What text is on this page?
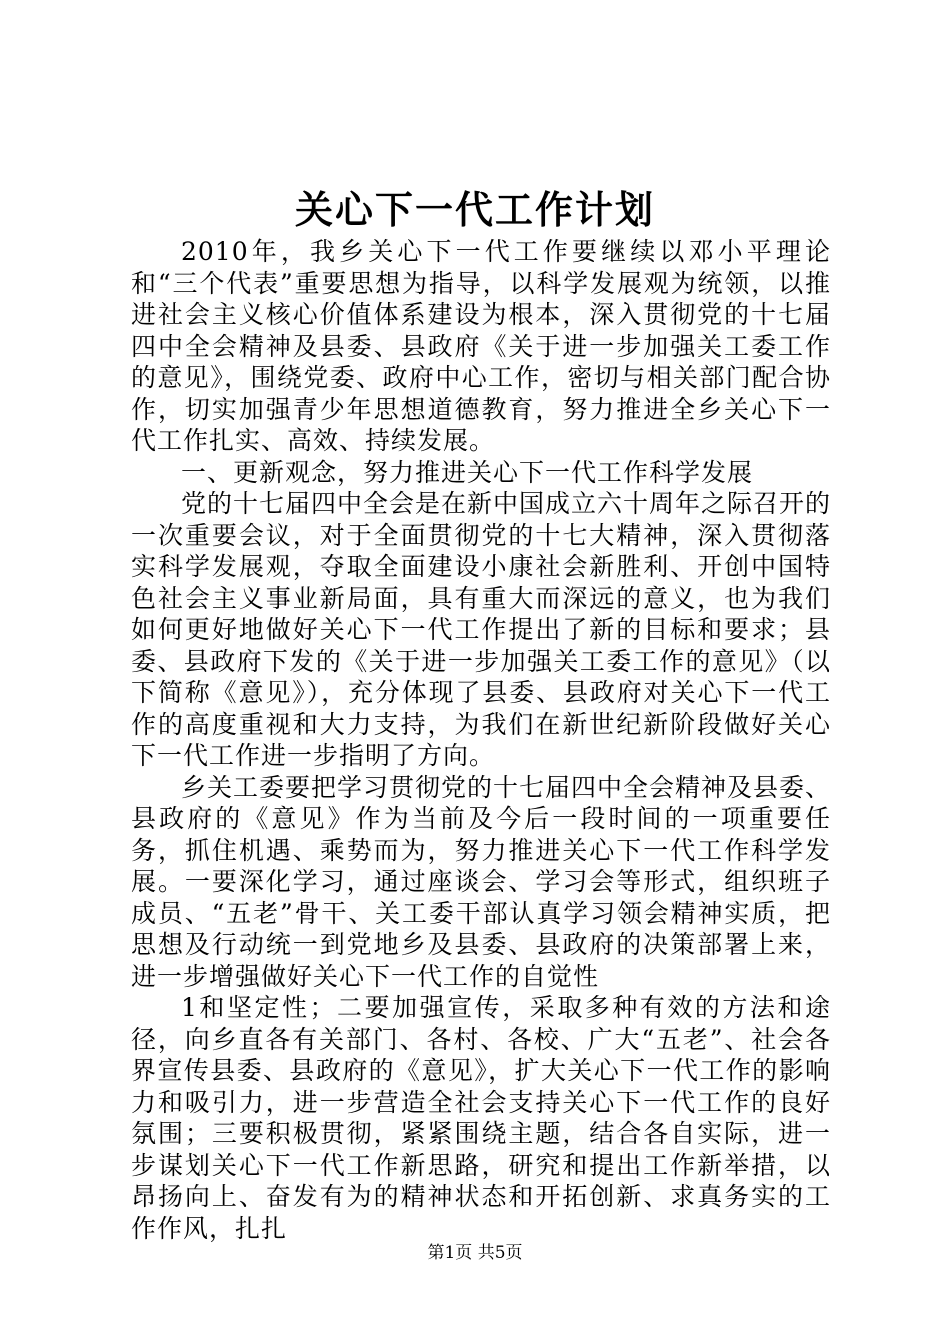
关心下一代工作计划

2010年，我乡关心下一代工作要继续以邓小平理论和“三个代表”重要思想为指导，以科学发展观为统领，以推进社会主义核心价值体系建设为根本，深入贯彻党的十七届四中全会精神及县委、县政府《关于进一步加强关工委工作的意见》，围绕党委、政府中心工作，密切与相关部门配合协作，切实加强青少年思想道德教育，努力推进全乡关心下一代工作扎实、高效、持续发展。

一、更新观念，努力推进关心下一代工作科学发展

党的十七届四中全会是在新中国成立六十周年之际召开的一次重要会议，对于全面贯彻党的十七大精神，深入贯彻落实科学发展观，夺取全面建设小康社会新胜利、开创中国特色社会主义事业新局面，具有重大而深远的意义，也为我们如何更好地做好关心下一代工作提出了新的目标和要求；县委、县政府下发的《关于进一步加强关工委工作的意见》（以下简称《意见》），充分体现了县委、县政府对关心下一代工作的高度重视和大力支持，为我们在新世纪新阶段做好关心下一代工作进一步指明了方向。

乡关工委要把学习贯彻党的十七届四中全会精神及县委、县政府的《意见》作为当前及今后一段时间的一项重要任务，抓住机遇、乘势而为，努力推进关心下一代工作科学发展。一要深化学习，通过座谈会、学习会等形式，组织班子成员、“五老”骨干、关工委干部认真学习领会精神实质，把思想及行动统一到党地乡及县委、县政府的决策部署上来，进一步增强做好关心下一代工作的自觉性

1和坚定性；二要加强宣传，采取多种有效的方法和途径，向乡直各有关部门、各村、各校、广大“五老”、社会各界宣传县委、县政府的《意见》，扩大关心下一代工作的影响力和吸引力，进一步营造全社会支持关心下一代工作的良好氛围；三要积极贯彻，紧紧围绕主题，结合各自实际，进一步谋划关心下一代工作新思路，研究和提出工作新举措，以昂扬向上、奋发有为的精神状态和开拓创新、求真务实的工作作风，扎扎

第1页 共5页
